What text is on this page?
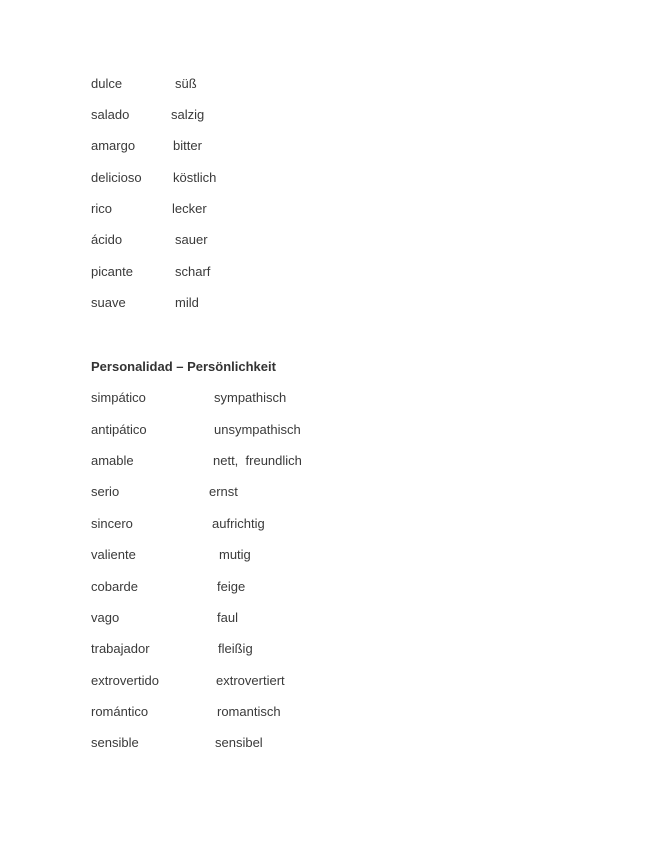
dulce	süß
salado	salzig
amargo	bitter
delicioso köstlich
rico	lecker
ácido	sauer
picante	scharf
suave	mild
Personalidad – Persönlichkeit
simpático	sympathisch
antipático	unsympathisch
amable	nett,  freundlich
serio	ernst
sincero	aufrichtig
valiente	mutig
cobarde	feige
vago	faul
trabajador	fleißig
extrovertido	extrovertiert
romántico	romantisch
sensible	sensibel
